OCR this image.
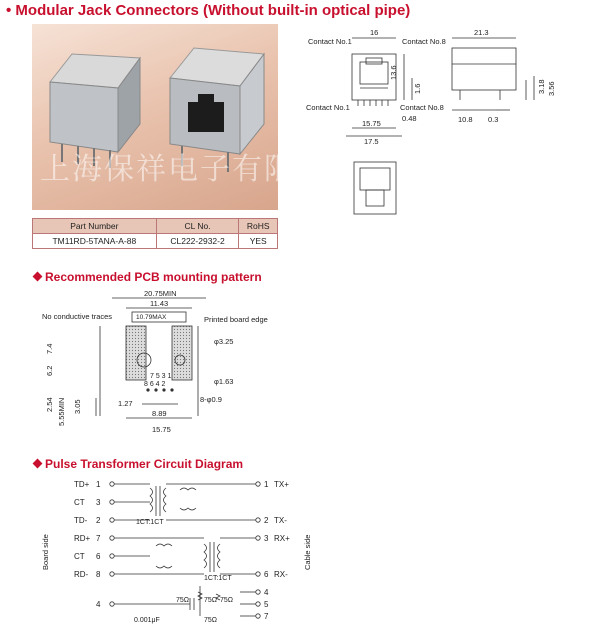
• Modular Jack Connectors (Without built-in optical pipe)
上海保祥电子有限公司
Part Number	CL No.	RoHS
TM11RD-5TANA-A-88	CL222-2932-2	YES
Contact No.1
16
Contact No.8
21.3
13.6
1.6	3.18 3.56
Contact No.1	Contact No.8
0.48
15.75
17.5
10.8 0.3
Recommended PCB mounting pattern
20.75MIN
11.43
10.79MAX
No conductive traces	Printed board edge
φ3.25
φ1.63
8-φ0.9
7.4
6.2
2.54 5.55MIN 3.05	1.27
8.89
15.75
7 5 3 1
8 6 4 2
Pulse Transformer Circuit Diagram
TD+ 1
CT 3
TD- 2
RD+ 7
CT 6
RD- 8
4
1 TX+
2 TX-
3 RX+
6 RX-
4
5
7
1CT:1CT
1CT:1CT
Board side	Cable side
75Ω 75Ω 75Ω
75Ω
0.001μF
